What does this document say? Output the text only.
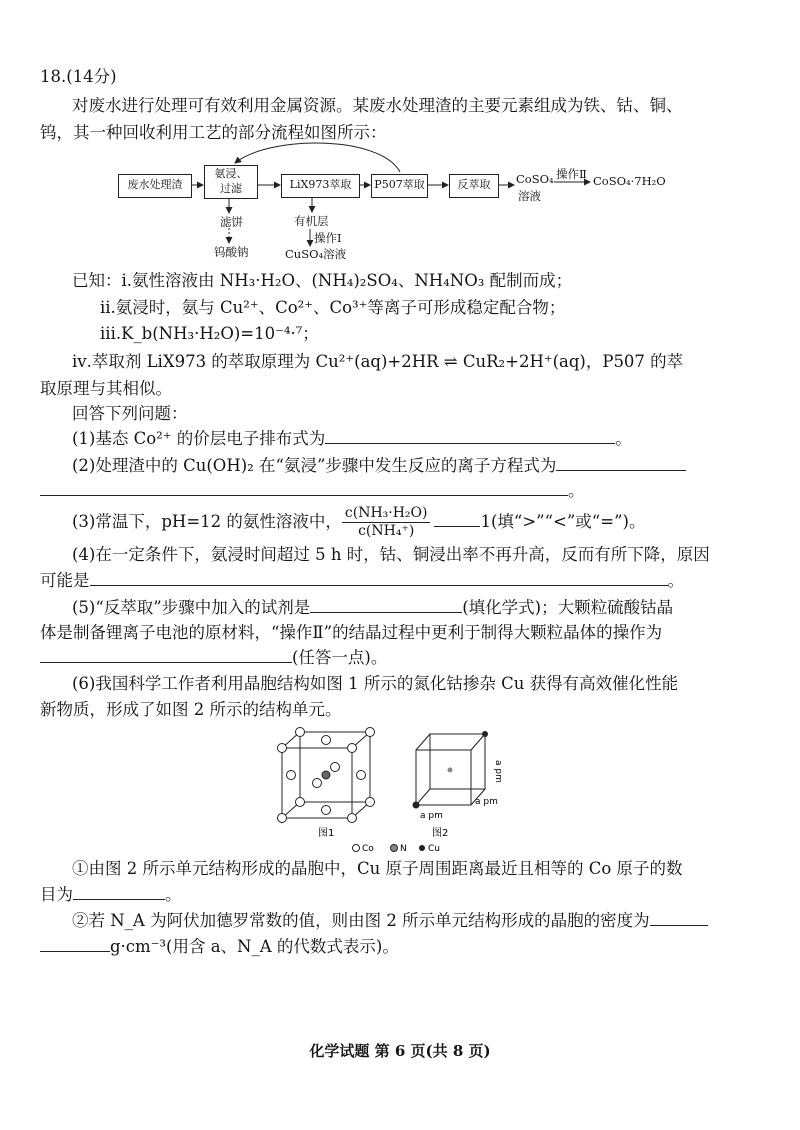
18.(14分)
对废水进行处理可有效利用金属资源。某废水处理渣的主要元素组成为铁、钴、铜、
钨，其一种回收利用工艺的部分流程如图所示：
废水处理渣
氨浸、
过滤	LiX973萃取	P507萃取	反萃取	CoSO₄
溶液
操作Ⅱ CoSO₄·7H₂O
滤饼
钨酸钠
有机层
操作Ⅰ
CuSO₄溶液
已知：ⅰ.氨性溶液由 NH₃·H₂O、(NH₄)₂SO₄、NH₄NO₃ 配制而成；
ⅱ.氨浸时，氨与 Cu²⁺、Co²⁺、Co³⁺等离子可形成稳定配合物；
ⅲ.K_b(NH₃·H₂O)=10⁻⁴·⁷；
ⅳ.萃取剂 LiX973 的萃取原理为 Cu²⁺(aq)+2HR ⇌ CuR₂+2H⁺(aq)，P507 的萃
取原理与其相似。
回答下列问题：
(1)基态 Co²⁺ 的价层电子排布式为	。
(2)处理渣中的 Cu(OH)₂ 在“氨浸”步骤中发生反应的离子方程式为
。
(3)常温下，pH=12 的氨性溶液中， $\frac{\text{c(NH₃·H₂O)}}{\text{c(NH₄⁺)}}$	1(填“>”“<”或“=”)。
(4)在一定条件下，氨浸时间超过 5 h 时，钴、铜浸出率不再升高，反而有所下降，原因
可能是	。
(5)“反萃取”步骤中加入的试剂是	(填化学式)；大颗粒硫酸钴晶
体是制备锂离子电池的原材料，“操作Ⅱ”的结晶过程中更利于制得大颗粒晶体的操作为
(任答一点)。
(6)我国科学工作者利用晶胞结构如图 1 所示的氮化钴掺杂 Cu 获得有高效催化性能
新物质，形成了如图 2 所示的结构单元。
a pm
a pm
a pm
图1	图2
Co	N Cu
①由图 2 所示单元结构形成的晶胞中，Cu 原子周围距离最近且相等的 Co 原子的数
目为	。
②若 N_A 为阿伏加德罗常数的值，则由图 2 所示单元结构形成的晶胞的密度为
g·cm⁻³(用含 a、N_A 的代数式表示)。
化学试题 第 6 页(共 8 页)
